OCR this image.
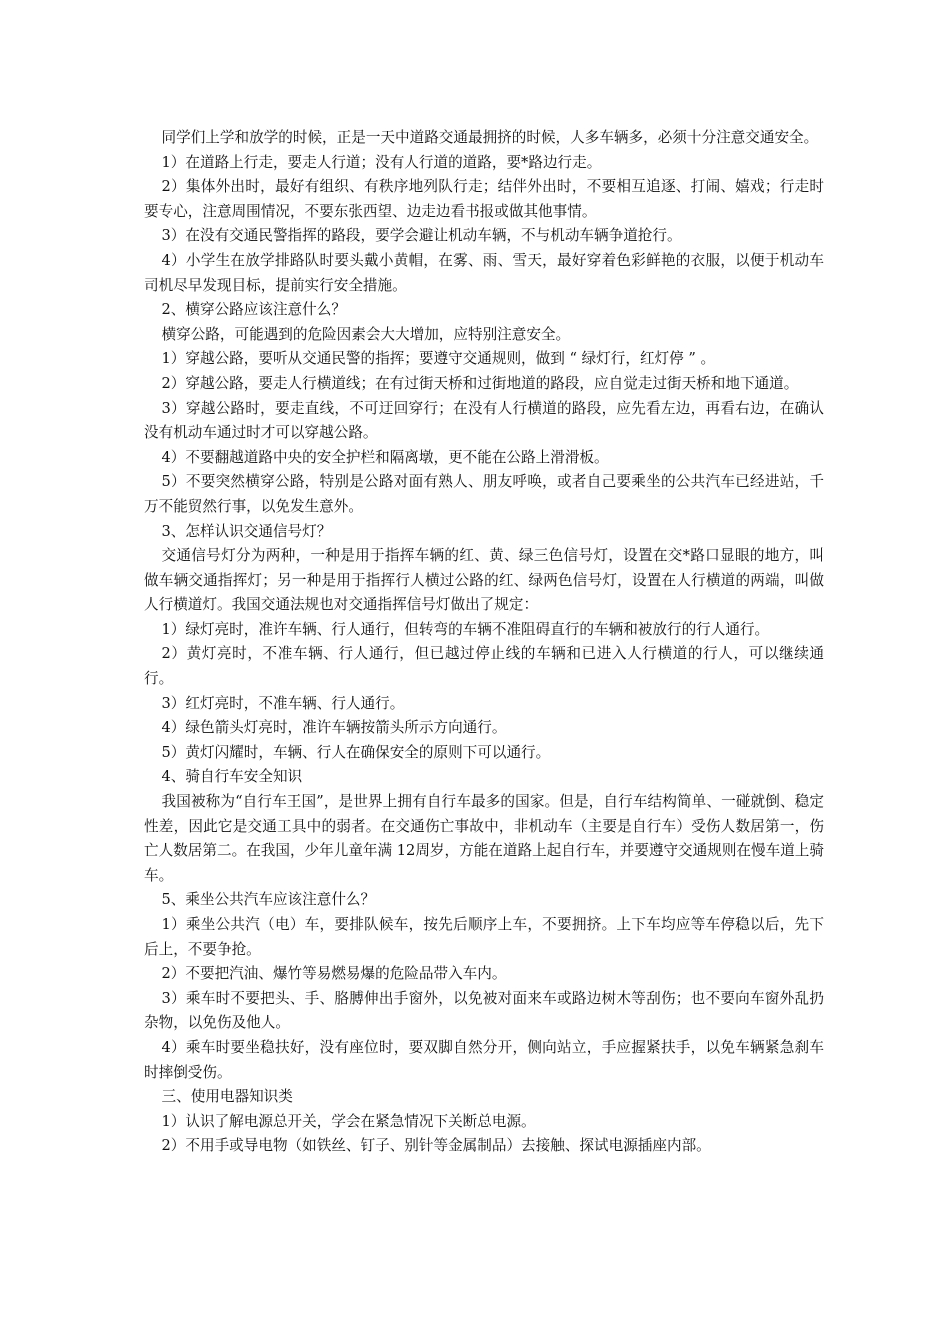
同学们上学和放学的时候，正是一天中道路交通最拥挤的时候，人多车辆多，必须十分注意交通安全。

1）在道路上行走，要走人行道；没有人行道的道路，要*路边行走。

2）集体外出时，最好有组织、有秩序地列队行走；结伴外出时，不要相互追逐、打闹、嬉戏；行走时要专心，注意周围情况，不要东张西望、边走边看书报或做其他事情。

3）在没有交通民警指挥的路段，要学会避让机动车辆，不与机动车辆争道抢行。

4）小学生在放学排路队时要头戴小黄帽，在雾、雨、雪天，最好穿着色彩鲜艳的衣服，以便于机动车司机尽早发现目标，提前实行安全措施。

2、横穿公路应该注意什么？

横穿公路，可能遇到的危险因素会大大增加，应特别注意安全。

1）穿越公路，要听从交通民警的指挥；要遵守交通规则，做到 “ 绿灯行，红灯停 ” 。

2）穿越公路，要走人行横道线；在有过街天桥和过街地道的路段，应自觉走过街天桥和地下通道。

3）穿越公路时，要走直线，不可迂回穿行；在没有人行横道的路段，应先看左边，再看右边，在确认没有机动车通过时才可以穿越公路。

4）不要翻越道路中央的安全护栏和隔离墩，更不能在公路上滑滑板。

5）不要突然横穿公路，特别是公路对面有熟人、朋友呼唤，或者自己要乘坐的公共汽车已经进站，千万不能贸然行事，以免发生意外。

3、怎样认识交通信号灯？

交通信号灯分为两种，一种是用于指挥车辆的红、黄、绿三色信号灯，设置在交*路口显眼的地方，叫做车辆交通指挥灯；另一种是用于指挥行人横过公路的红、绿两色信号灯，设置在人行横道的两端，叫做人行横道灯。我国交通法规也对交通指挥信号灯做出了规定：

1）绿灯亮时，准许车辆、行人通行，但转弯的车辆不准阻碍直行的车辆和被放行的行人通行。

2）黄灯亮时，不准车辆、行人通行，但已越过停止线的车辆和已进入人行横道的行人，可以继续通行。

3）红灯亮时，不准车辆、行人通行。

4）绿色箭头灯亮时，准许车辆按箭头所示方向通行。

5）黄灯闪耀时，车辆、行人在确保安全的原则下可以通行。

4、骑自行车安全知识

我国被称为“自行车王国”，是世界上拥有自行车最多的国家。但是，自行车结构简单、一碰就倒、稳定性差，因此它是交通工具中的弱者。在交通伤亡事故中，非机动车（主要是自行车）受伤人数居第一，伤亡人数居第二。在我国，少年儿童年满 12周岁，方能在道路上起自行车，并要遵守交通规则在慢车道上骑车。

5、乘坐公共汽车应该注意什么？

1）乘坐公共汽（电）车，要排队候车，按先后顺序上车，不要拥挤。上下车均应等车停稳以后，先下后上，不要争抢。

2）不要把汽油、爆竹等易燃易爆的危险品带入车内。

3）乘车时不要把头、手、胳膊伸出手窗外，以免被对面来车或路边树木等刮伤；也不要向车窗外乱扔杂物，以免伤及他人。

4）乘车时要坐稳扶好，没有座位时，要双脚自然分开，侧向站立，手应握紧扶手，以免车辆紧急刹车时摔倒受伤。

三、使用电器知识类

1）认识了解电源总开关，学会在紧急情况下关断总电源。

2）不用手或导电物（如铁丝、钉子、别针等金属制品）去接触、探试电源插座内部。
